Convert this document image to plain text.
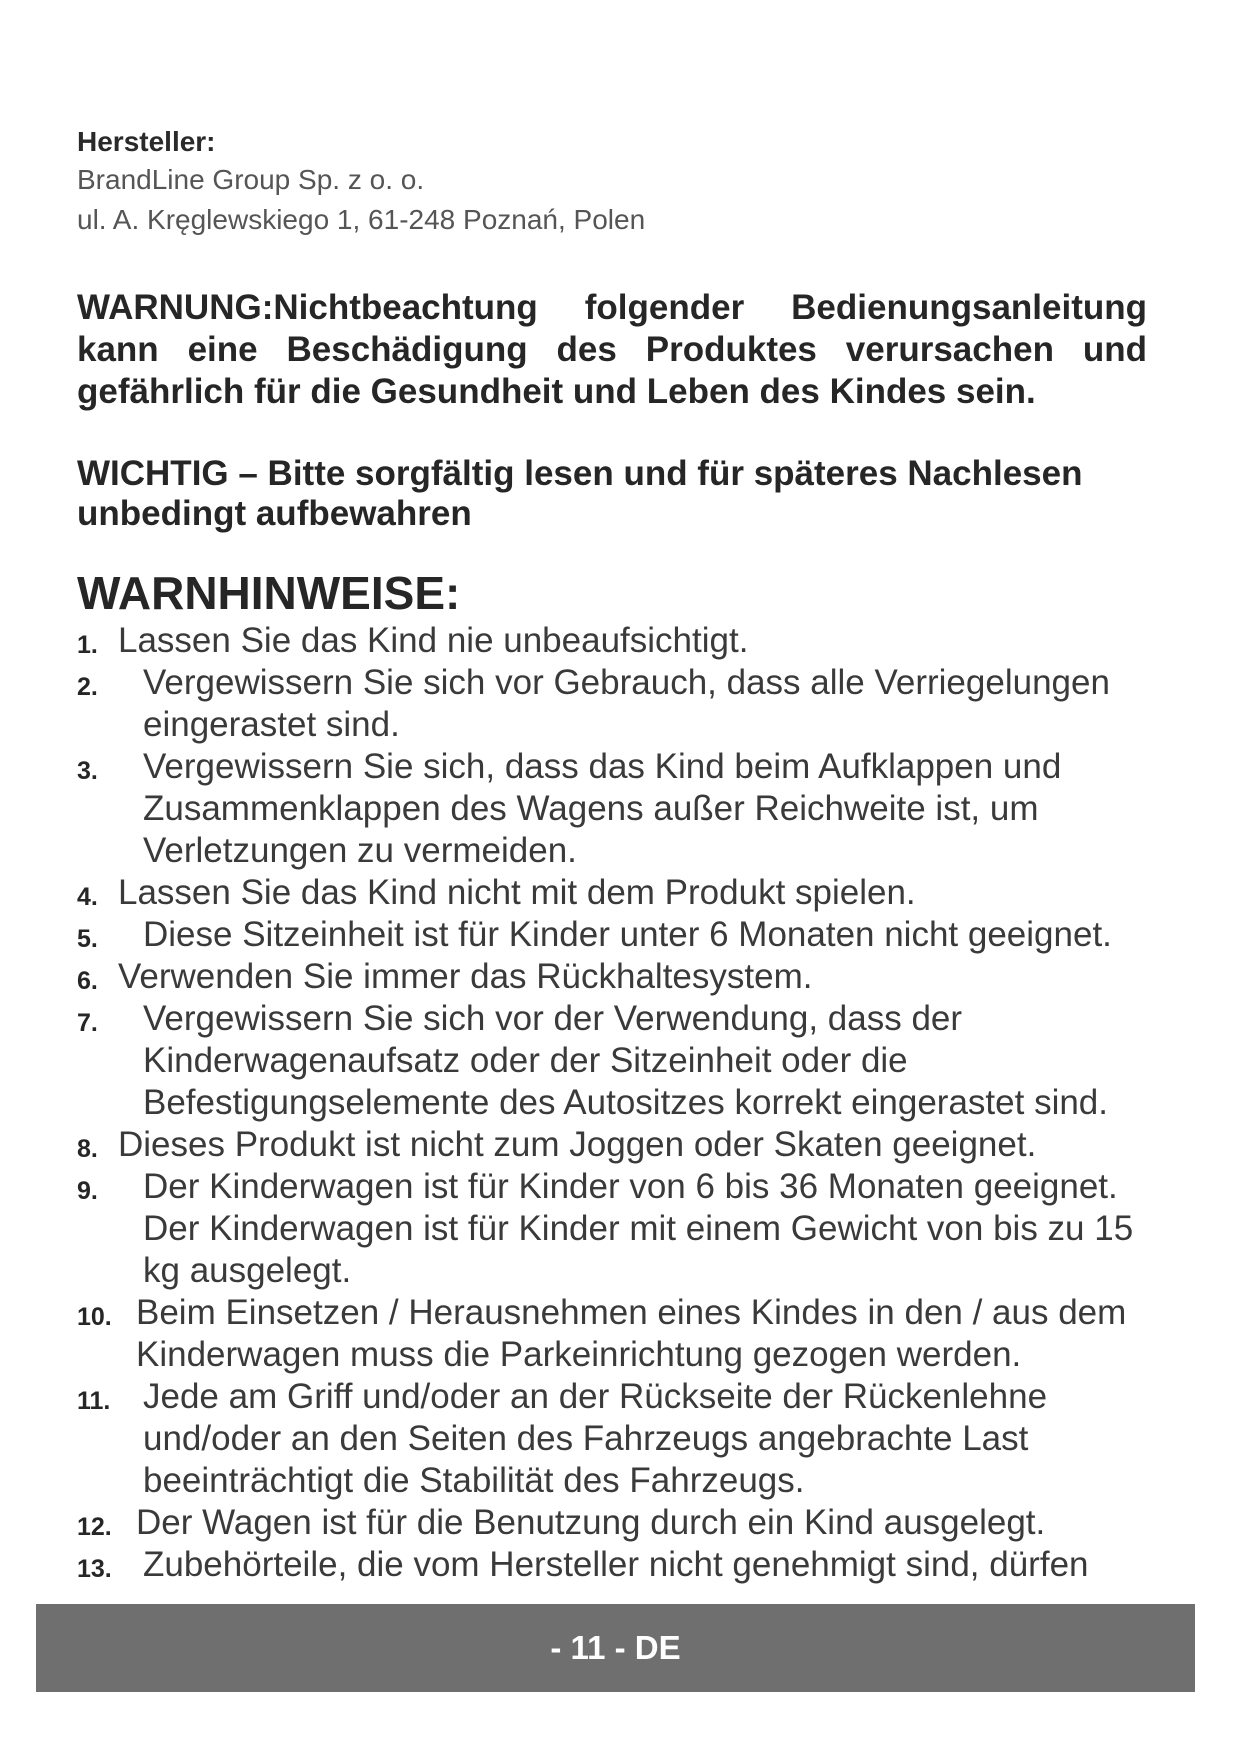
Hersteller:
BrandLine Group Sp. z o. o.
ul. A. Kręglewskiego 1, 61-248 Poznań, Polen
WARNUNG:Nichtbeachtung folgender Bedienungsanleitung kann eine Beschädigung des Produktes verursachen und gefährlich für die Gesundheit und Leben des Kindes sein.
WICHTIG – Bitte sorgfältig lesen und für späteres Nachlesen unbedingt aufbewahren
WARNHINWEISE:
1. Lassen Sie das Kind nie unbeaufsichtigt.
2.	Vergewissern Sie sich vor Gebrauch, dass alle Verriegelungen eingerastet sind.
3.	Vergewissern Sie sich, dass das Kind beim Aufklappen und Zusammenklappen des Wagens außer Reichweite ist, um Verletzungen zu vermeiden.
4. Lassen Sie das Kind nicht mit dem Produkt spielen.
5.	Diese Sitzeinheit ist für Kinder unter 6 Monaten nicht geeignet.
6. Verwenden Sie immer das Rückhaltesystem.
7.	Vergewissern Sie sich vor der Verwendung, dass der Kinderwagenaufsatz oder der Sitzeinheit oder die Befestigungselemente des Autositzes korrekt eingerastet sind.
8. Dieses Produkt ist nicht zum Joggen oder Skaten geeignet.
9.	Der Kinderwagen ist für Kinder von 6 bis 36 Monaten geeignet. Der Kinderwagen ist für Kinder mit einem Gewicht von bis zu 15 kg ausgelegt.
10. Beim Einsetzen / Herausnehmen eines Kindes in den / aus dem Kinderwagen muss die Parkeinrichtung gezogen werden.
11. Jede am Griff und/oder an der Rückseite der Rückenlehne und/oder an den Seiten des Fahrzeugs angebrachte Last beeinträchtigt die Stabilität des Fahrzeugs.
12. Der Wagen ist für die Benutzung durch ein Kind ausgelegt.
13. Zubehörteile, die vom Hersteller nicht genehmigt sind, dürfen
- 11 - DE
